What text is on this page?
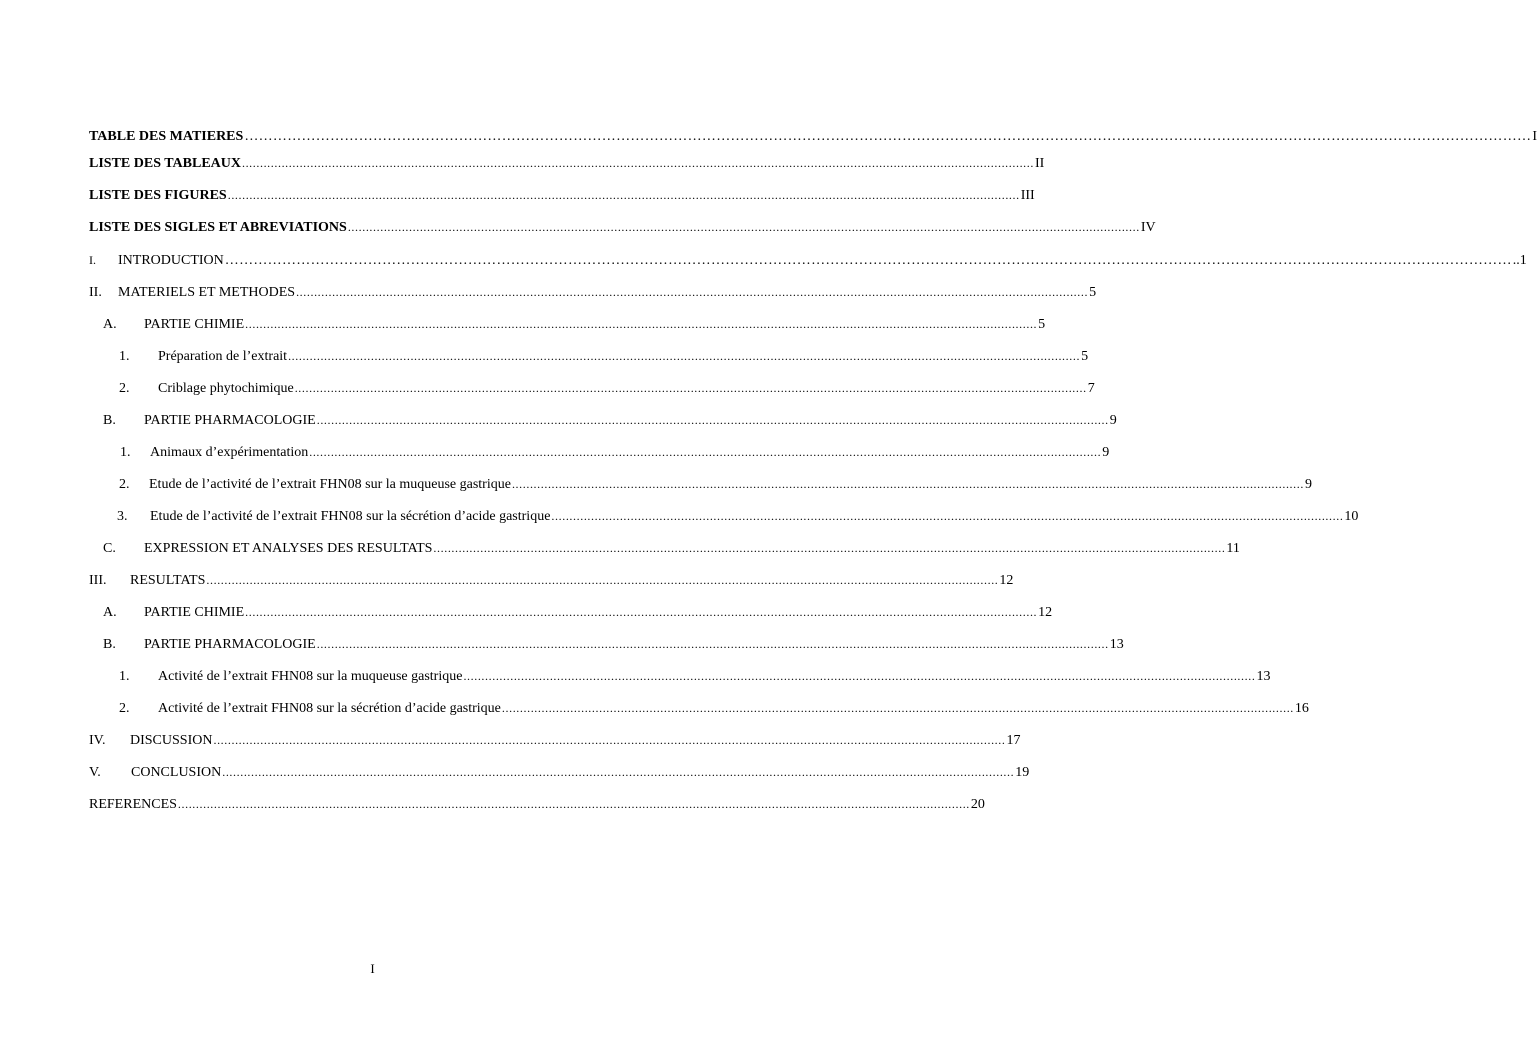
TABLE DES MATIERES ……………………………………………………………………………………………………………………………………………………………………………………………………………………………………………… I
LISTE DES TABLEAUX ............................................................................................................................................................................................................................ II
LISTE DES FIGURES ............................................................................................................................................................................................................................ III
LISTE DES SIGLES ET ABREVIATIONS ............................................................................................................................................................................................................................ IV
I.	INTRODUCTION ……………………………………………………………………………………………………………………………………………………………………………………………………………………………………………… ..1
II.	MATERIELS ET METHODES ............................................................................................................................................................................................................................ 5
A.	PARTIE CHIMIE ............................................................................................................................................................................................................................ 5
1.	Préparation de l’extrait ............................................................................................................................................................................................................................ 5
2.	Criblage phytochimique ............................................................................................................................................................................................................................ 7
B.	PARTIE PHARMACOLOGIE ............................................................................................................................................................................................................................ 9
1.	Animaux d’expérimentation ............................................................................................................................................................................................................................ 9
2.	Etude de l’activité de l’extrait FHN08 sur la muqueuse gastrique ............................................................................................................................................................................................................................ 9
3.	Etude de l’activité de l’extrait FHN08 sur la sécrétion d’acide gastrique ............................................................................................................................................................................................................................ 10
C.	EXPRESSION ET ANALYSES DES RESULTATS ............................................................................................................................................................................................................................ 11
III.	RESULTATS ............................................................................................................................................................................................................................ 12
A.	PARTIE CHIMIE ............................................................................................................................................................................................................................ 12
B.	PARTIE PHARMACOLOGIE ............................................................................................................................................................................................................................ 13
1.	Activité de l’extrait FHN08 sur la muqueuse gastrique ............................................................................................................................................................................................................................ 13
2.	Activité de l’extrait FHN08 sur la sécrétion d’acide gastrique ............................................................................................................................................................................................................................ 16
IV.	DISCUSSION ............................................................................................................................................................................................................................ 17
V.	CONCLUSION ............................................................................................................................................................................................................................ 19
REFERENCES ............................................................................................................................................................................................................................ 20
I
